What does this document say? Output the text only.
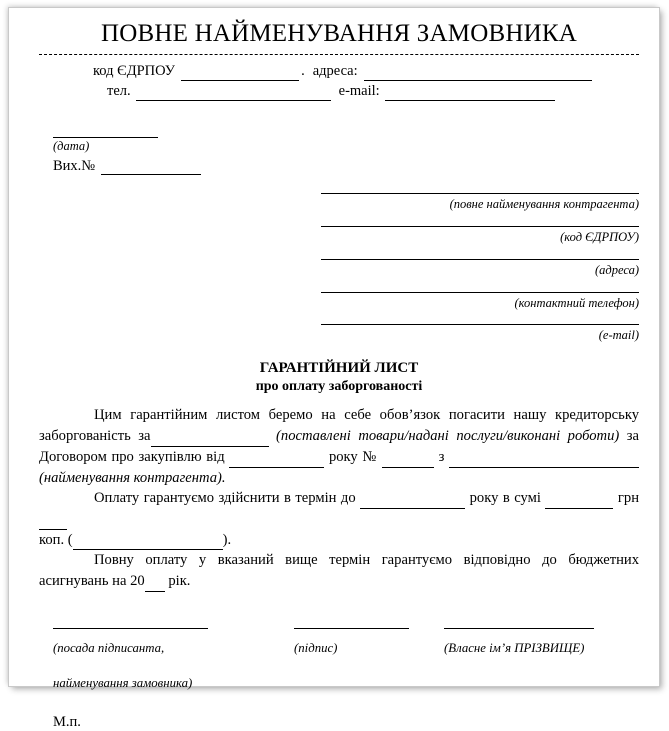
ПОВНЕ НАЙМЕНУВАННЯ ЗАМОВНИКА
код ЄДРПОУ	. адреса:
тел.	e-mail:
(дата)
Вих.№
(повне найменування контрагента)
(код ЄДРПОУ)
(адреса)
(контактний телефон)
(e-mail)
ГАРАНТІЙНИЙ ЛИСТ
про оплату заборгованості

Цим гарантійним листом беремо на себе обов’язок погасити нашу кредиторську заборгованість за	(поставлені товари/надані послуги/виконані роботи) за Договором про закупівлю від	року №	з (найменування контрагента).

Оплату гарантуємо здійснити в термін до	року в сумі	грн

коп. (	).

Повну оплату у вказаний вище термін гарантуємо відповідно до бюджетних асигнувань на 20 рік.

(посада підписанта,
найменування замовника)
(підпис)	(Власне ім’я ПРІЗВИЩЕ)
М.п.
